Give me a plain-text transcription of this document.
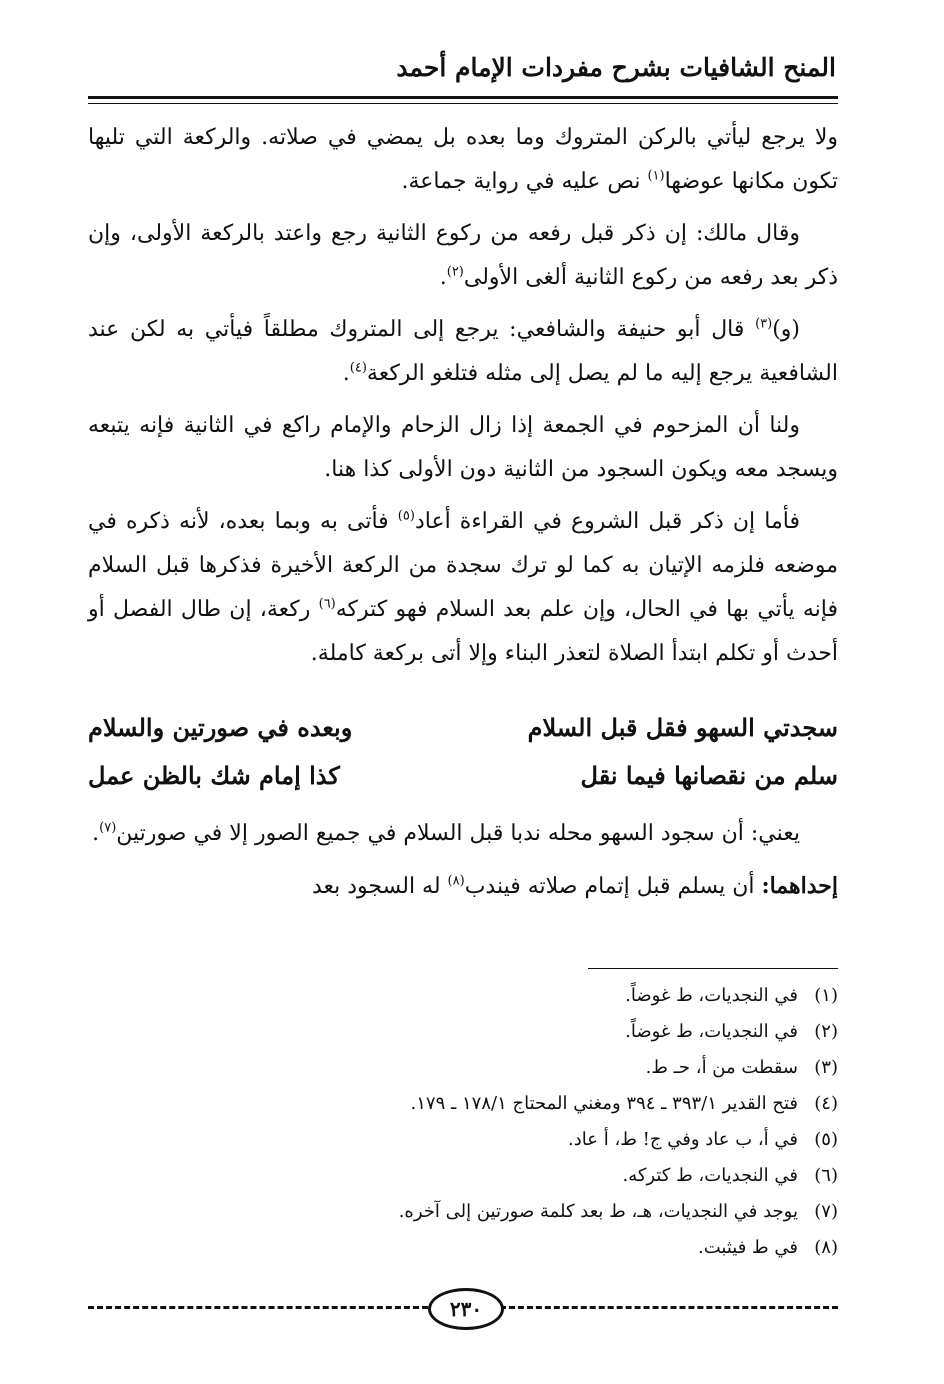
المنح الشافيات بشرح مفردات الإمام أحمد

ولا يرجع ليأتي بالركن المتروك وما بعده بل يمضي في صلاته. والركعة التي تليها تكون مكانها عوضها$^{(١)}$ نص عليه في رواية جماعة.

وقال مالك: إن ذكر قبل رفعه من ركوع الثانية رجع واعتد بالركعة الأولى، وإن ذكر بعد رفعه من ركوع الثانية ألغى الأولى$^{(٢)}$.

(و)$^{(٣)}$ قال أبو حنيفة والشافعي: يرجع إلى المتروك مطلقاً فيأتي به لكن عند الشافعية يرجع إليه ما لم يصل إلى مثله فتلغو الركعة$^{(٤)}$.

ولنا أن المزحوم في الجمعة إذا زال الزحام والإمام راكع في الثانية فإنه يتبعه ويسجد معه ويكون السجود من الثانية دون الأولى كذا هنا.

فأما إن ذكر قبل الشروع في القراءة أعاد$^{(٥)}$ فأتى به وبما بعده، لأنه ذكره في موضعه فلزمه الإتيان به كما لو ترك سجدة من الركعة الأخيرة فذكرها قبل السلام فإنه يأتي بها في الحال، وإن علم بعد السلام فهو كتركه$^{(٦)}$ ركعة، إن طال الفصل أو أحدث أو تكلم ابتدأ الصلاة لتعذر البناء وإلا أتى بركعة كاملة.

سجدتي السهو فقل قبل السلام
وبعده في صورتين والسلام
سلم من نقصانها فيما نقل
كذا إمام شك بالظن عمل

يعني: أن سجود السهو محله ندبا قبل السلام في جميع الصور إلا في صورتين$^{(٧)}$.

إحداهما: أن يسلم قبل إتمام صلاته فيندب$^{(٨)}$ له السجود بعد

(١)في النجديات، ط غوضاً.
(٢)في النجديات، ط غوضاً.
(٣)سقطت من أ، حـ ط.
(٤)فتح القدير ٣٩٣/١ ـ ٣٩٤ ومغني المحتاج ١٧٨/١ ـ ١٧٩.
(٥)في أ، ب عاد وفي ج! ط، أ عاد.
(٦)في النجديات، ط كتركه.
(٧)يوجد في النجديات، هـ، ط بعد كلمة صورتين إلى آخره.
(٨)في ط فيثبت.
٢٣٠
